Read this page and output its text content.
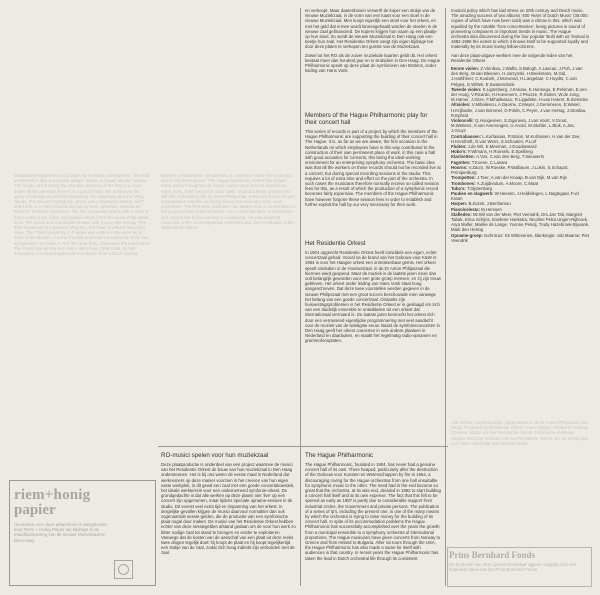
undisturbed happiness and a distinctly Romantic atmosphere. The third movement is also a song-like adagio, written in broad melodic strokes. The fourth, which brings the dramatic tensions of the first to a close, unites all the previous themes in a grand finale. We rediscover the same emotional yet polished beginning, the relaxation and the rising climax. The Second Symphony, which was composed between 1877 and 1878, is a more relaxed and sunny work, generally considered Brahms' 'Pastoral' symphony. The first movement opens with a motif of three notes in the cellos and basses which forms the seed of the whole work. The horns and woodwinds answer with a song-like melody. The third movement is a graceful allegretto, the finale a brilliant and joyful close. The Third Symphony in F major was written in the summer of 1883 in Wiesbaden. It is the shortest and most concentrated of the four symphonies. Its motto, F-A-F (frei aber froh), dominates the entire work. The Fourth Symphony in E minor dates from 1884-1885. Its last movement is a passacaglia built on a theme from a Bach cantata.

Brahms composed his symphonies in a period in which the orchestra was in full development. The Hague Residentie Orkest has played these works throughout its history under many famous conductors. Hans Vonk, chief conductor since 1980, recorded these symphonies with the orchestra in the Dr Anton Philipszaal. Every era knows its own interpretation and this recording shows the orchestra at its most expressive. The Romantic repertoire has always held a central place in the programming of the orchestra. Hans Vonk was born in Amsterdam and studied law before turning to conducting. He was assistant conductor of the Concertgebouw Orchestra and chief conductor of the Netherlands Opera.

en verkoopt. Maar daarenboven verwerft de koper een stukje van de nieuwe Muziekzaal, in de vorm van een kaart voor een stoel in de nieuwe Muziekzaal. Men koopt eigenlijk een stoel voor het orkest, en met het geld dat ermee wordt binnengehaald worden de stoelen in de nieuwe zaal gefinancierd. De kopers krijgen hun naam op een plaatje op hun stoel. Zo wordt de nieuwe Muziekzaal in Den Haag ook een beetje hun zaal. Het Residentie Orkest voegt zijn eigen bijdrage toe door deze platen te verkopen ten gunste van de Muziekzaal.

Zowel tot het RO als de zuiver muziekale kaarten geldt dit. Het orkest bestaat meer dan honderd jaar en is sindsdien in Den Haag. De Hague Philharmonic speelt op deze plaat de symfonieen van Brahms, onder leiding van Hans Vonk.

Members of the Hague Philharmonic play for their concert hall

This series of records is part of a project by which the members of the Hague Philharmonic are supporting the building of their concert hall in The Hague. It is, as far as we are aware, the first occasion in the Netherlands on which employees have in this way contributed to the construction of their own permanent place of work, in this case a hall with good acoustics for concerts, this being the ideal working environment for an enterprising symphony orchestra. The basic idea was that all the workers on these records should not be recorded live at a concert, but during special recording sessions in the studio. This requires a lot of extra time and effort on the part of the orchestra. In such cases the musicians therefore normally receive so-called session fees for this, as a result of which the production of a symphonic record becomes fairly expensive. The members of the Hague Philharmonic have however forgone these session fees in order to establish and further exploit the hall by our very necessary for their work.

Het Residentie Orkest

In 1904 opgericht Residentie Orkest heeft inmiddels een eigen, echte concertzaal gehad. Vooral na de brand van het Gebouw voor K&W in 1964 is voor het Haagse orkest een onmiskenbaar gemis. Het orkest speelt sindsdien in de Houtrustzaal, in de Dr Anton Philipszaal die hiermee werd geopend. Maar de muziek is de laatste jaren meer dan ooit belangrijk geworden voor een grote groep mensen, en zij zijn trouw gebleven. Het orkest onder leiding van Hans Vonk staat hoog aangeschreven. Dat deze twee voorstellen werden gegeven in de nieuwe Philipszaal met een groot succes beschouwde men vanwege het belang van een goede concertzaal. Ondanks zijn huisvestingsproblemen is het Residentie Orkest er in geslaagd om zich van een duidelijk ensemble te ontwikkelen tot een orkest dat internationaal vermaard is. De laatste jaren kenmerkt het orkest zich door een verrassend eigentijdse programmering met veel aandacht voor de muziek van de twintigste eeuw. Naast de symfonieconcerten in Den Haag geeft het orkest concerten in vele andere plaatsen in Nederland en daarbuiten, en maakt het regelmatig radio-opnamen en grammofoonplaten.

musical policy which has laid stress on 20th century and Dutch music. The amazing success of two albums '400 Years of Dutch Music' (35.000 copies of which have now been sold) was a climax in this, which was equalled by the notable 'from concertseries', being pictures in sound of pioneering composers or important trends in music. The Hague orchestra also discovered during the four popular 'Bulit with us' festival in 1982-1986 the extent to which it knows itself to be supported loyally and materially by its music-loving fellow-citizens.

Aan deze plaat-uitgave werkten mee de volgende leden van het Residentie Orkest

Eerste violen: Z.Vinnikov, J.Wafla, S.Balogh, A.Lascae, J.Poh, J.van den Berg, W.van Bleenen, H.Jarzynski, H.Beekmans, M.Gal, J.Hartlhmer, C.Koubek, J.Morwood, H.Langelaar, C.Huydts, C.van Pelgea, G.Wittek, E.Swanendonk

Tweede violen: K.Ligtenberg, J.Krause, K.Hunnego, E.Pelsman, E.ven der Hoog, V.Ricardo, H.Hoeveners, J.Peuzze, R.Stoker, W.de Jong, M.Hamer, J.Sicre, F.Mihaileasco, R.Ligadeke, H.van Haeret, B.Siemstra

Altviolen: V.Mihailescu, A.Daorne, Z.Meyer, J.Gemmeren, E.Waser, H.Krijboder, J.van Bommel, O.Poleb, C.Peyre, J.van Hertog, J.Stordau, R.Ephrat

Violoncelli: Q.Hoogeveen, S.Ziguneva, J.van Voort, V.Groot, M.Wettens, S.van Amerongen, U.Arcari, M.Stuhler, L.Blok, A.Jas, J.Gruys

Contrabassen: L.Korfasaas, P.Stolon, M.Korfassen, H.van der Zee, H.Kersthoft, G.van Wens, S.Schouten, P.Lurf

Fluiten: J.de Wit, E.Meeman, J.Goudsweard

Hobo's: F.Wlmans, H.Roesels, E.Spelberg

Klarinetten: A.Vos, C.van den Berg, T.Sieuwerts

Fagotten: T.Koene, C.Lasara

Hoorns: V.Zacro, W.Roeske, P.Walbaum, J.Lokin, S.Schapot, P.Knipenburg

Trompetten: J.Teer, A.van der Knaap, B.van Dijk, M.van Rijn

Trombones: A.Zuijdendum, A.Moore, C.Maat

Tuba's: T.Dijstenborg

Pauken en slagwerk: W.Heesen, J.Heldelingen, L.Nagtegaal, F.vd Kraan

Harpen: B.Zuzek, J.Benhamou

Piano/celesta: M.Hemsen

Stafleden: Mr.Wil van der Meer, Piet Veendrik, Drs.Jan Tait, Margriet Tabak, Erica Schijns, Eveliene Hoekstra, Nicoline Pelra Ungen-Rijbroek, Arya Muller, Marike de Lange, Yvonne Pekolj, Trudy Hazebroek-Biyvank, Mark den Hertog

Opname-groep: technicus: Kit Wittevenen, klankregie: Job Maarse; Piet Veendrik

Alle rechten voorbehouden. Opgenomen in de Dr Anton Philipszaal, Den Haag. Produced by Residentie Orkest. Cover design. Printed in Holland. Opname: studio van het Residentie Orkest. Technische realisatie. Uitgave Stichting Vrienden van het Residentie Orkest. Zie de achterzijde voor meer informatie over de hele reeks.

RO-musici spelen voor hun muziekzaal

Deze plaatproductie is onderdeel van een project waarmee de musici van het Residentie Orkest de bouw van hun muziekzaal in Den Haag ondersteunen. Het is bij ons weten de eerste maal in Nederland dat werknemers op deze manier voorzien in het creeren van hun eigen vaste werkplek, in dit geval een zaal met een goede concertakoestiek, het ideale werkterrein voor een ondernemend symfonie-orkest. De grondgedachte is dat alle werken op deze platen niet 'live' op een concert zijn opgenomen, maar tijdens speciale opname-sessies in de studio. Dit vereist veel extra tijd en inspanning van het orkest. In dergelijke gevallen krijgen de musici daarvoor normaliter dan ook zogenaamde sessie-gelden, die de productie van een symfonische plaat nogal duur maken. De musici van het Residentie Orkest hebben echter van deze sessiegelden afstand gedaan om de voor hun werk zo bitter nodige zaal tot stand te brengen en verder te exploiteren. Vanwege dat de kosten van de aanschaf van een plaat uit deze reeks twee dingen tegelijk doet: hij koopt de plaat en hij koopt tegelijkertijd een stukje van de zaal, zodat zich hoog indirekt zijn verbonden met de zaal.

The Hague Philharmonic

The Hague Philharmonic, founded in 1904, has never had a genuine concert hall of its own. There heaped, particularly after the destruction of the Gebouw voor Kunsten en Wetenschappen by fire in 1964, a discouraging roving for the Hague orchestras from one hall unsuitable for symphonic music to the other. The need had in the end become so great that the orchestra, at its wits end, decided in 1982 to start building a concert hall itself and at its own expense. The fact that this felt to be opened as early as 1987 is partly due to considerable support from industrial circles, the Government and private persons. The publication of a series of lp's, including the present one, is one of the many means by which the orchestra is trying to raise money for the building of its concert hall. In spite of its accommodation problems the Hague Philharmonic has successfully accomplished over the years the growth from a municipal ensemble to a symphony orchestra of international proportions. The Hague musicians have given concerts from Norway to Greece and from Ireland to Bulgaria. After six tours through the USA, the Hague Philharmonic has also made a name for itself with audiences in that country. In recent years the Hague Philharmonic has taken the lead in Dutch orchestral life through its consistent

riem+honig
papier
Het karton voor deze platenhoes is aangeboden door Riem + Honig Papier als bijdrage in de totaalfinanciering van de nieuwe Muziekzaal te Den Haag
Prins Bernhard Fonds
De productie van deze grammofoonplaat vijgeve mogelijk door een financiele steun van het Prins Bernhard Fonds.
